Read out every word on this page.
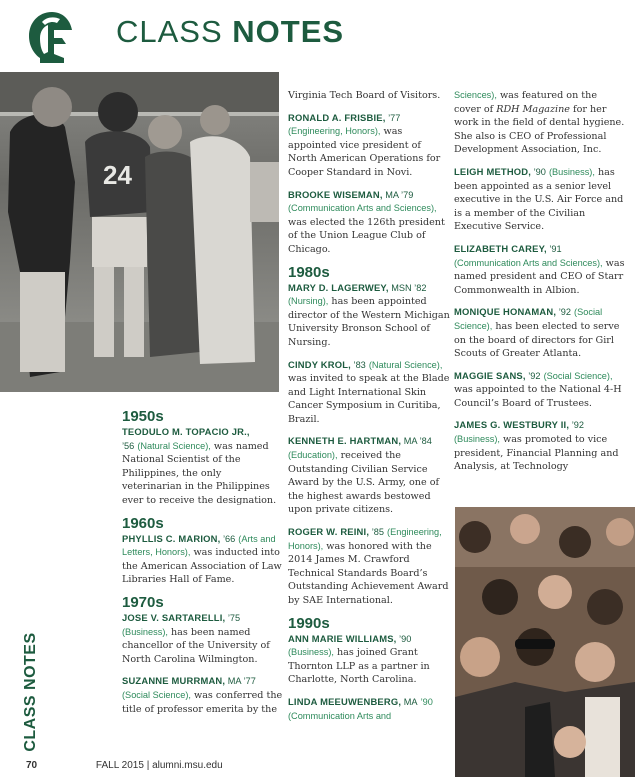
CLASS NOTES
24
1950s

TEODULO M. TOPACIO JR.,
’56 (Natural Science), was named National Scientist of the Philippines, the only veterinarian in the Philippines ever to receive the designation.

1960s

PHYLLIS C. MARION, ’66 (Arts and Letters, Honors), was inducted into the American Association of Law Libraries Hall of Fame.

1970s

JOSE V. SARTARELLI, ’75 (Business), has been named chancellor of the University of North Carolina Wilmington.

SUZANNE MURRMAN, MA ’77 (Social Science), was conferred the title of professor emerita by the

Virginia Tech Board of Visitors.

RONALD A. FRISBIE, ’77 (Engineering, Honors), was appointed vice president of North American Operations for Cooper Standard in Novi.

BROOKE WISEMAN, MA ’79 (Communication Arts and Sciences), was elected the 126th president of the Union League Club of Chicago.

1980s

MARY D. LAGERWEY, MSN ’82 (Nursing), has been appointed director of the Western Michigan University Bronson School of Nursing.

CINDY KROL, ’83 (Natural Science), was invited to speak at the Blade and Light International Skin Cancer Symposium in Curitiba, Brazil.

KENNETH E. HARTMAN, MA ’84 (Education), received the Outstanding Civilian Service Award by the U.S. Army, one of the highest awards bestowed upon private citizens.

ROGER W. REINI, ’85 (Engineering, Honors), was honored with the 2014 James M. Crawford Technical Standards Board’s Outstanding Achievement Award by SAE International.

1990s

ANN MARIE WILLIAMS, ’90 (Business), has joined Grant Thornton LLP as a partner in Charlotte, North Carolina.

LINDA MEEUWENBERG, MA ’90 (Communication Arts and

Sciences), was featured on the cover of RDH Magazine for her work in the field of dental hygiene. She also is CEO of Professional Development Association, Inc.

LEIGH METHOD, ’90 (Business), has been appointed as a senior level executive in the U.S. Air Force and is a member of the Civilian Executive Service.

ELIZABETH CAREY, ’91 (Communication Arts and Sciences), was named president and CEO of Starr Commonwealth in Albion.

MONIQUE HONAMAN, ’92 (Social Science), has been elected to serve on the board of directors for Girl Scouts of Greater Atlanta.

MAGGIE SANS, ’92 (Social Science), was appointed to the National 4-H Council’s Board of Trustees.

JAMES G. WESTBURY II, ’92 (Business), was promoted to vice president, Financial Planning and Analysis, at Technology

CLASS NOTES
70	FALL 2015 | alumni.msu.edu
